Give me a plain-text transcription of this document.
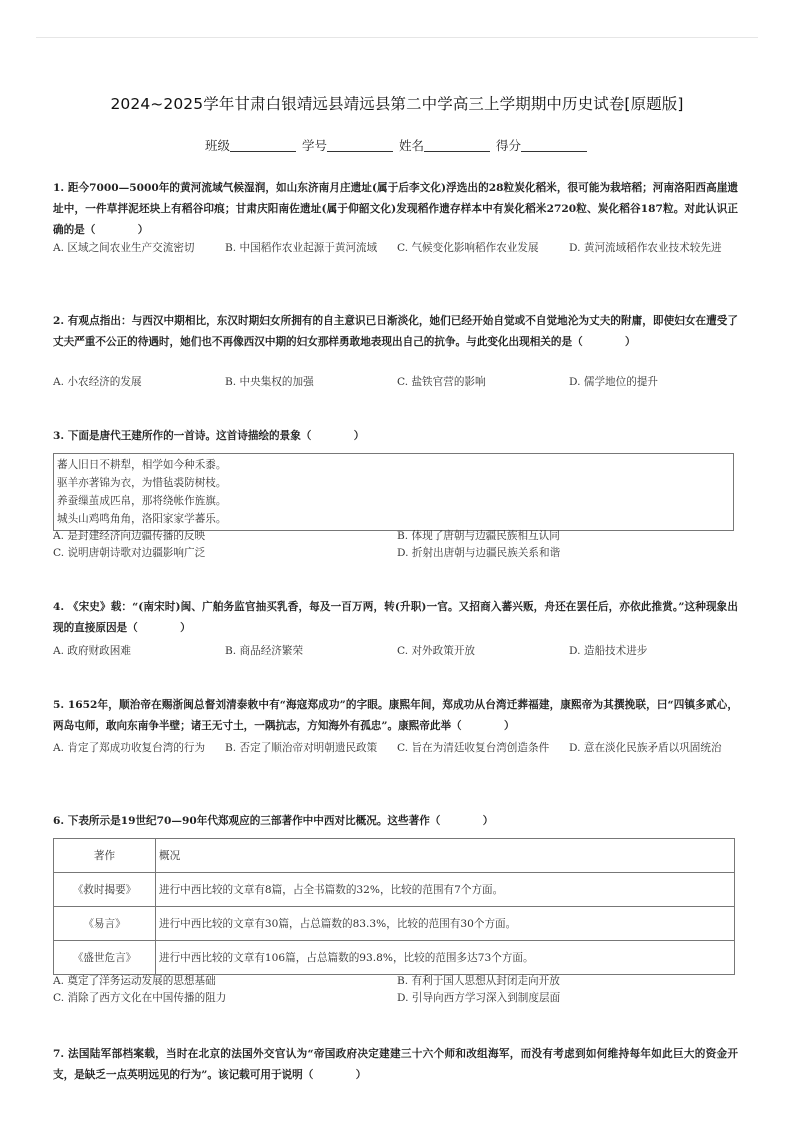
2024~2025学年甘肃白银靖远县靖远县第二中学高三上学期期中历史试卷[原题版]
班级	学号	姓名	得分
1. 距今7000—5000年的黄河流域气候湿润，如山东济南月庄遗址(属于后李文化)浮选出的28粒炭化稻米，很可能为栽培稻；河南洛阳西高崖遗址中，一件草拌泥坯块上有稻谷印痕；甘肃庆阳南佐遗址(属于仰韶文化)发现稻作遗存样本中有炭化稻米2720粒、炭化稻谷187粒。对此认识正确的是（　　　　）
A. 区域之间农业生产交流密切	B. 中国稻作农业起源于黄河流域	C. 气候变化影响稻作农业发展	D. 黄河流域稻作农业技术较先进
2. 有观点指出：与西汉中期相比，东汉时期妇女所拥有的自主意识已日渐淡化，她们已经开始自觉或不自觉地沦为丈夫的附庸，即使妇女在遭受了丈夫严重不公正的待遇时，她们也不再像西汉中期的妇女那样勇敢地表现出自己的抗争。与此变化出现相关的是（　　　　）
A. 小农经济的发展	B. 中央集权的加强	C. 盐铁官营的影响	D. 儒学地位的提升
3. 下面是唐代王建所作的一首诗。这首诗描绘的景象（　　　　）
蕃人旧日不耕犁，相学如今种禾黍。
驱羊亦著锦为衣，为惜毡裘防树枝。
养蚕缫茧成匹帛，那将绕帐作旌旗。
城头山鸡鸣角角，洛阳家家学蕃乐。
A. 是封建经济向边疆传播的反映	B. 体现了唐朝与边疆民族相互认同
C. 说明唐朝诗歌对边疆影响广泛	D. 折射出唐朝与边疆民族关系和谐
4. 《宋史》载：“(南宋时)闽、广舶务监官抽买乳香，每及一百万两，转(升职)一官。又招商入蕃兴贩，舟还在罢任后，亦依此推赏。”这种现象出现的直接原因是（　　　　）
A. 政府财政困难	B. 商品经济繁荣	C. 对外政策开放	D. 造船技术进步
5. 1652年，顺治帝在赐浙闽总督刘清泰敕中有“海寇郑成功”的字眼。康熙年间，郑成功从台湾迁葬福建，康熙帝为其撰挽联，曰“四镇多贰心，两岛屯师，敢向东南争半壁；诸王无寸土，一隅抗志，方知海外有孤忠”。康熙帝此举（　　　　）
A. 肯定了郑成功收复台湾的行为	B. 否定了顺治帝对明朝遗民政策	C. 旨在为清廷收复台湾创造条件	D. 意在淡化民族矛盾以巩固统治
6. 下表所示是19世纪70—90年代郑观应的三部著作中中西对比概况。这些著作（　　　　）
著作	概况
《救时揭要》	进行中西比较的文章有8篇，占全书篇数的32%，比较的范围有7个方面。
《易言》	进行中西比较的文章有30篇，占总篇数的83.3%，比较的范围有30个方面。
《盛世危言》	进行中西比较的文章有106篇，占总篇数的93.8%，比较的范围多达73个方面。
A. 奠定了洋务运动发展的思想基础	B. 有利于国人思想从封闭走向开放
C. 消除了西方文化在中国传播的阻力	D. 引导向西方学习深入到制度层面
7. 法国陆军部档案载，当时在北京的法国外交官认为“帝国政府决定建建三十六个师和改组海军，而没有考虑到如何维持每年如此巨大的资金开支，是缺乏一点英明远见的行为”。该记载可用于说明（　　　　）
